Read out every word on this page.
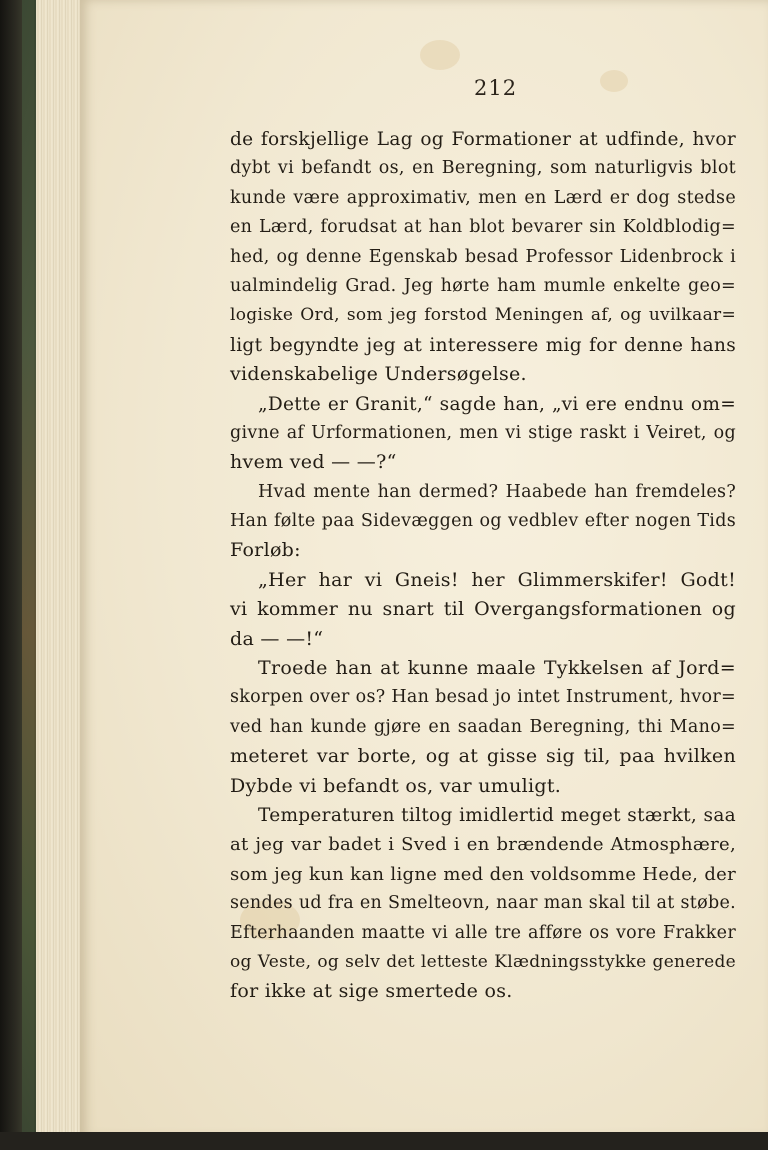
212
de forskjellige Lag og Formationer at udfinde, hvor
dybt vi befandt os, en Beregning, som naturligvis blot
kunde være approximativ, men en Lærd er dog stedse
en Lærd, forudsat at han blot bevarer sin Koldblodig=
hed, og denne Egenskab besad Professor Lidenbrock i
ualmindelig Grad. Jeg hørte ham mumle enkelte geo=
logiske Ord, som jeg forstod Meningen af, og uvilkaar=
ligt begyndte jeg at interessere mig for denne hans
videnskabelige Undersøgelse.
„Dette er Granit,“ sagde han, „vi ere endnu om=
givne af Urformationen, men vi stige raskt i Veiret, og
hvem ved — —?“
Hvad mente han dermed? Haabede han fremdeles?
Han følte paa Sidevæggen og vedblev efter nogen Tids
Forløb:
„Her har vi Gneis! her Glimmerskifer! Godt!
vi kommer nu snart til Overgangsformationen og
da — —!“
Troede han at kunne maale Tykkelsen af Jord=
skorpen over os? Han besad jo intet Instrument, hvor=
ved han kunde gjøre en saadan Beregning, thi Mano=
meteret var borte, og at gisse sig til, paa hvilken
Dybde vi befandt os, var umuligt.
Temperaturen tiltog imidlertid meget stærkt, saa
at jeg var badet i Sved i en brændende Atmosphære,
som jeg kun kan ligne med den voldsomme Hede, der
sendes ud fra en Smelteovn, naar man skal til at støbe.
Efterhaanden maatte vi alle tre afføre os vore Frakker
og Veste, og selv det letteste Klædningsstykke generede
for ikke at sige smertede os.
